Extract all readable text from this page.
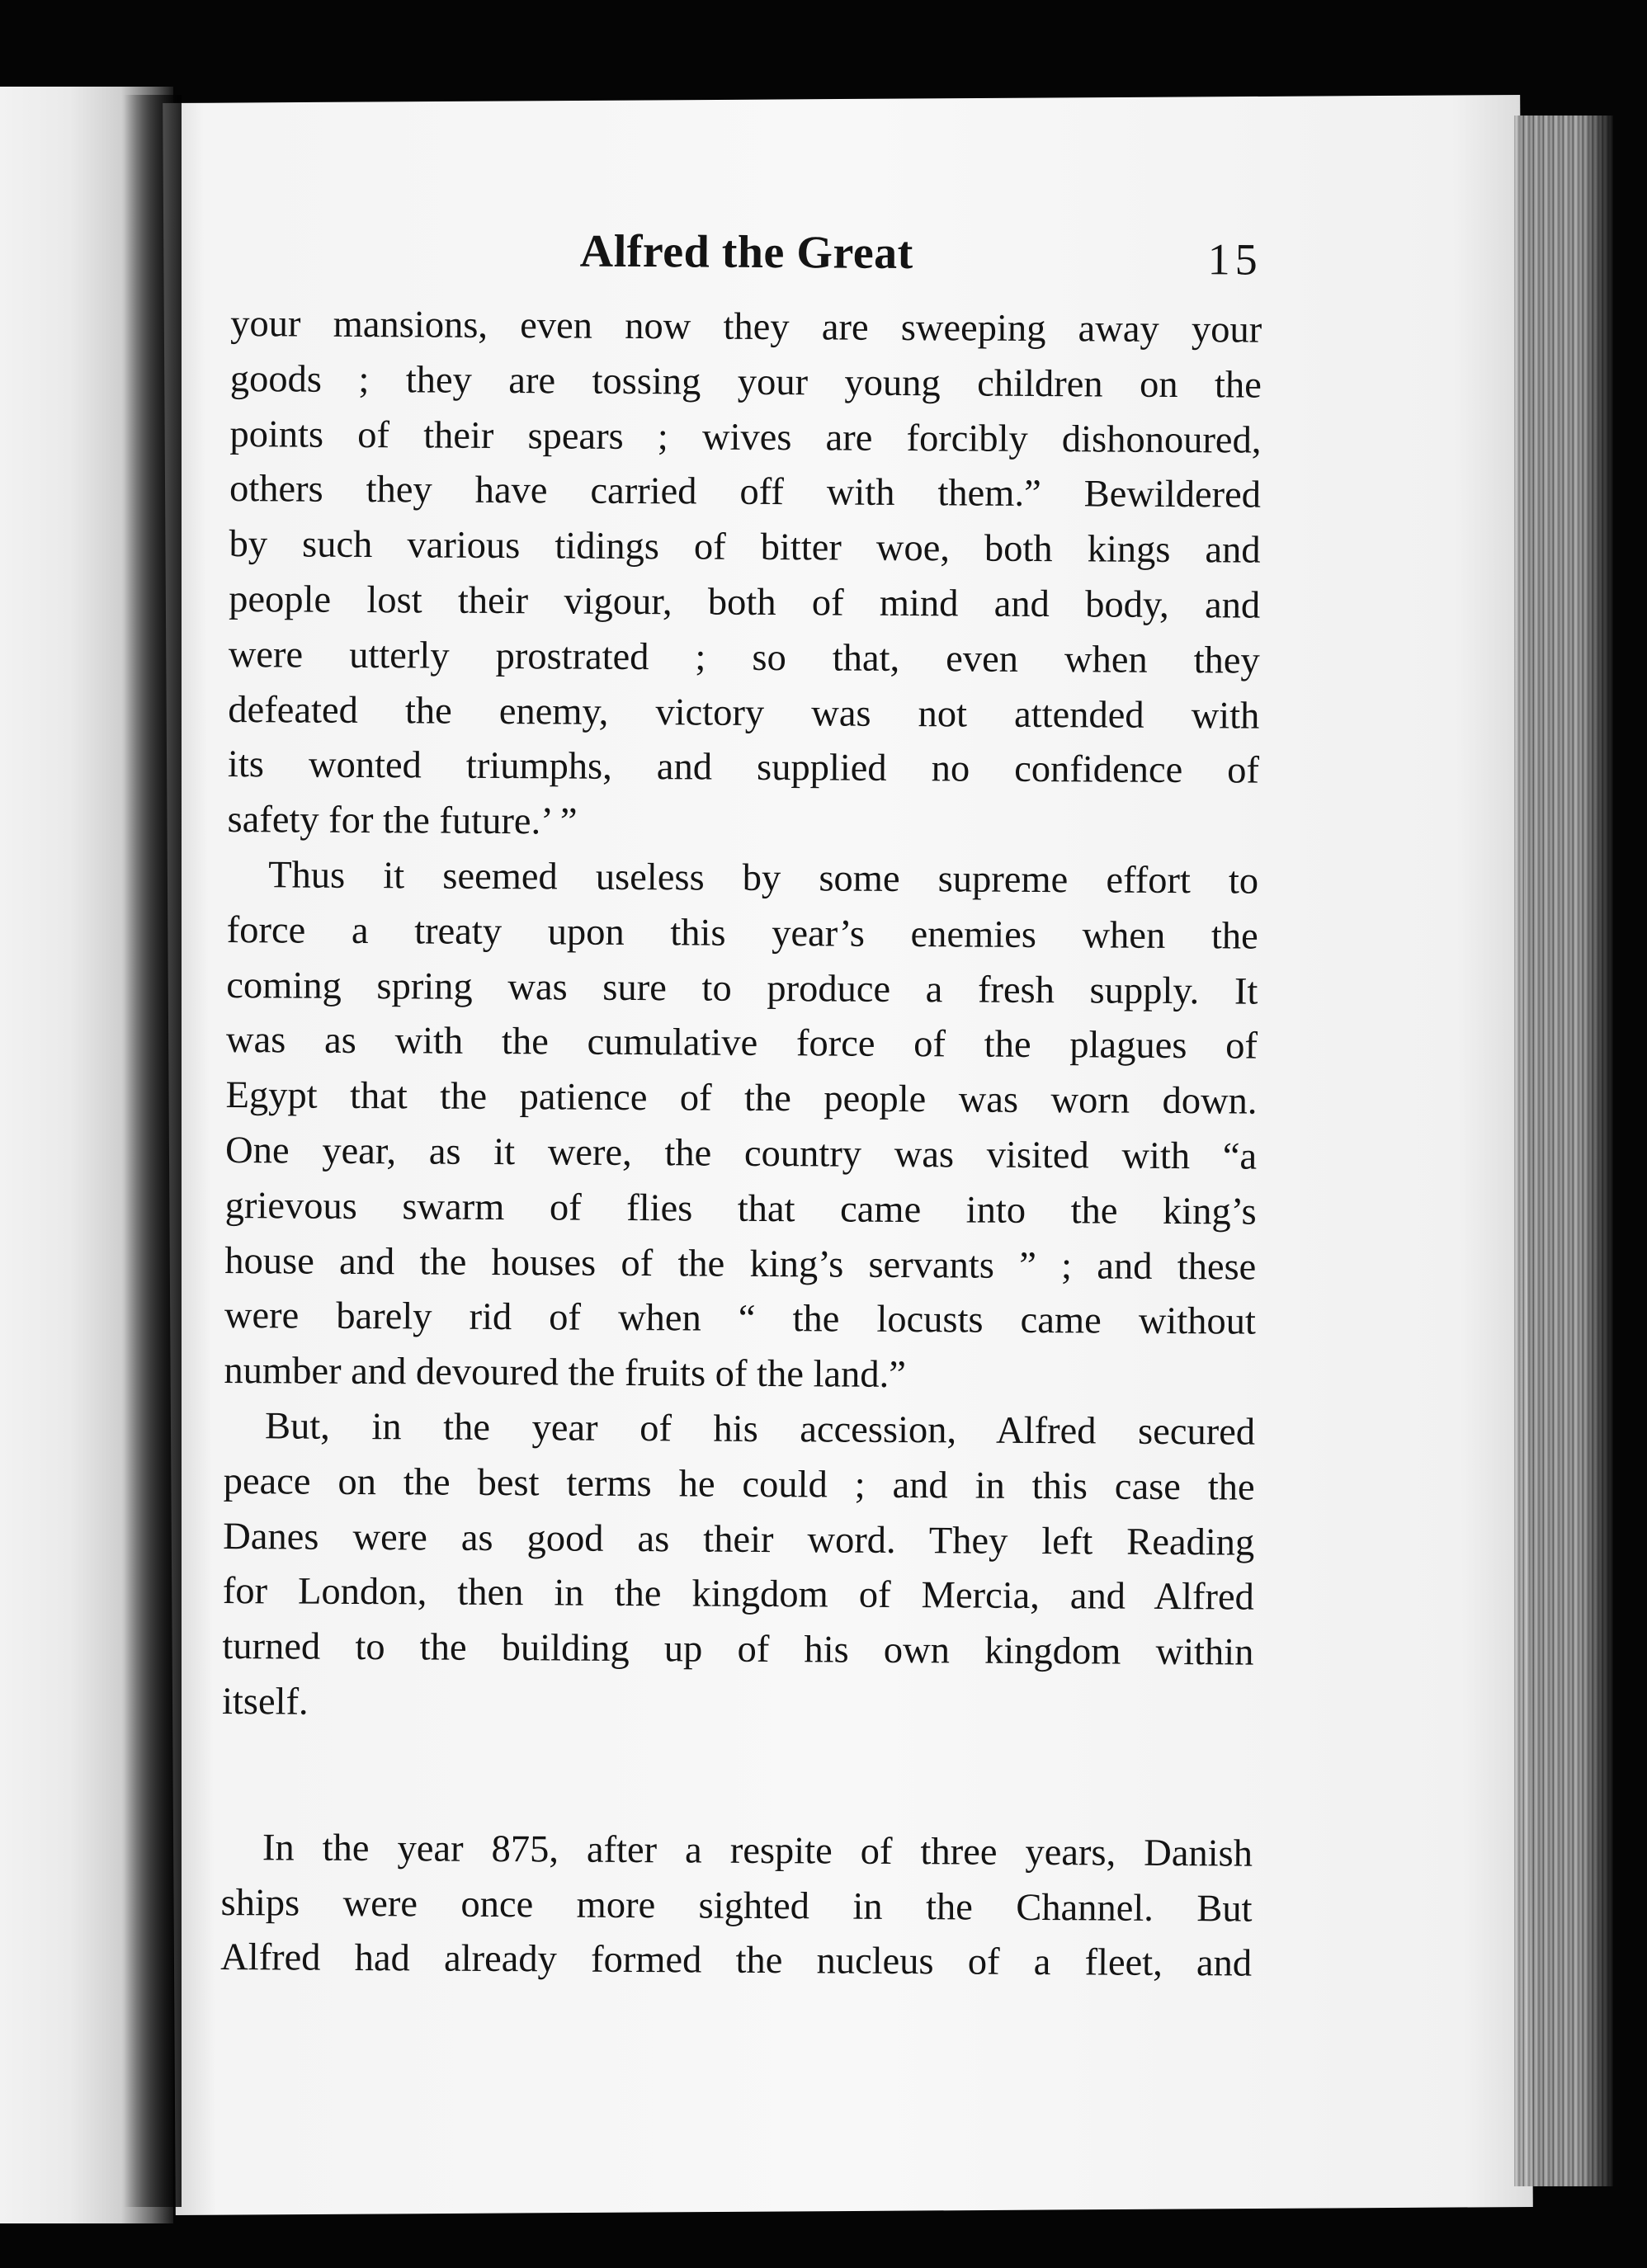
Alfred the Great	15
your mansions, even now they are sweeping away your
goods ; they are tossing your young children on the
points of their spears ; wives are forcibly dishonoured,
others they have carried off with them.” Bewildered
by such various tidings of bitter woe, both kings and
people lost their vigour, both of mind and body, and
were utterly prostrated ; so that, even when they
defeated the enemy, victory was not attended with
its wonted triumphs, and supplied no confidence of
safety for the future.’ ”
Thus it seemed useless by some supreme effort to
force a treaty upon this year’s enemies when the
coming spring was sure to produce a fresh supply. It
was as with the cumulative force of the plagues of
Egypt that the patience of the people was worn down.
One year, as it were, the country was visited with “a
grievous swarm of flies that came into the king’s
house and the houses of the king’s servants ” ; and these
were barely rid of when “ the locusts came without
number and devoured the fruits of the land.”
But, in the year of his accession, Alfred secured
peace on the best terms he could ; and in this case the
Danes were as good as their word. They left Reading
for London, then in the kingdom of Mercia, and Alfred
turned to the building up of his own kingdom within
itself.
In the year 875, after a respite of three years, Danish
ships were once more sighted in the Channel. But
Alfred had already formed the nucleus of a fleet, and
